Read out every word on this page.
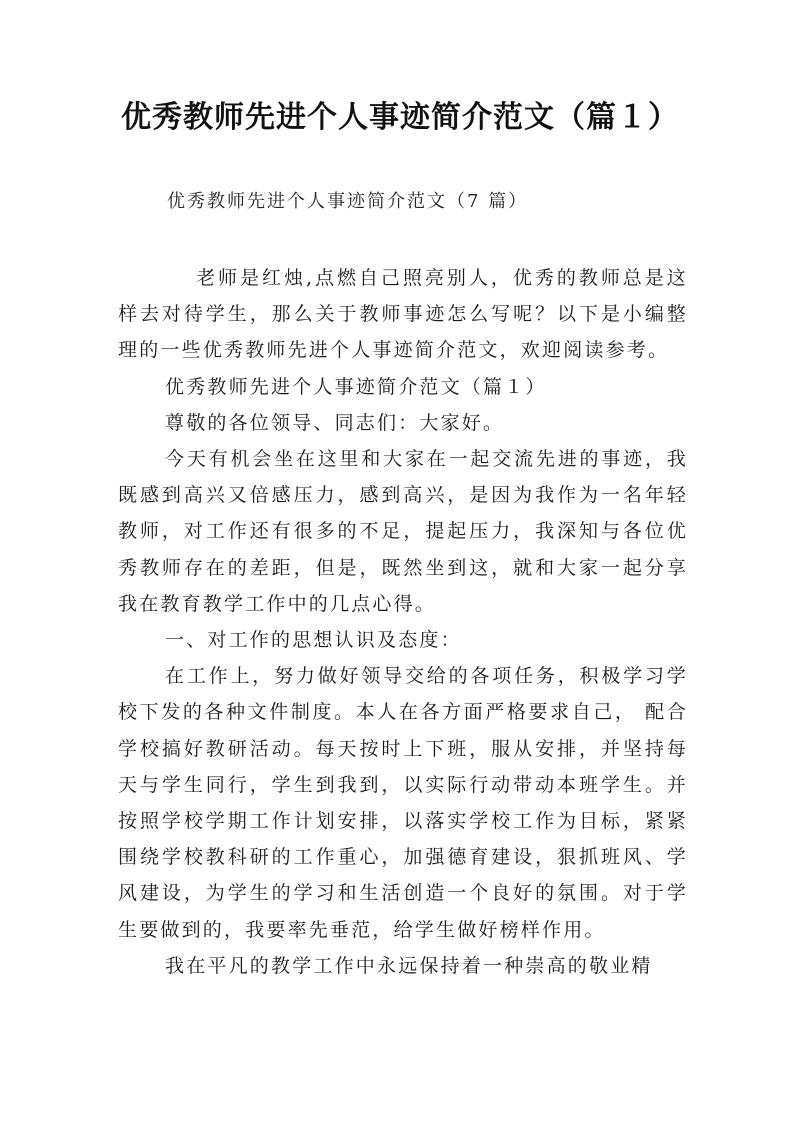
优秀教师先进个人事迹简介范文（篇１）
优秀教师先进个人事迹简介范文（7 篇）

老师是红烛,点燃自己照亮别人，优秀的教师总是这样去对待学生，那么关于教师事迹怎么写呢？以下是小编整理的一些优秀教师先进个人事迹简介范文，欢迎阅读参考。

优秀教师先进个人事迹简介范文（篇１）

尊敬的各位领导、同志们：大家好。

今天有机会坐在这里和大家在一起交流先进的事迹，我既感到高兴又倍感压力，感到高兴，是因为我作为一名年轻教师，对工作还有很多的不足，提起压力，我深知与各位优秀教师存在的差距，但是，既然坐到这，就和大家一起分享我在教育教学工作中的几点心得。

一、对工作的思想认识及态度：

在工作上，努力做好领导交给的各项任务，积极学习学校下发的各种文件制度。本人在各方面严格要求自己， 配合学校搞好教研活动。每天按时上下班，服从安排，并坚持每天与学生同行，学生到我到，以实际行动带动本班学生。并按照学校学期工作计划安排，以落实学校工作为目标，紧紧围绕学校教科研的工作重心，加强德育建设，狠抓班风、学风建设，为学生的学习和生活创造一个良好的氛围。对于学生要做到的，我要率先垂范，给学生做好榜样作用。

我在平凡的教学工作中永远保持着一种崇高的敬业精
